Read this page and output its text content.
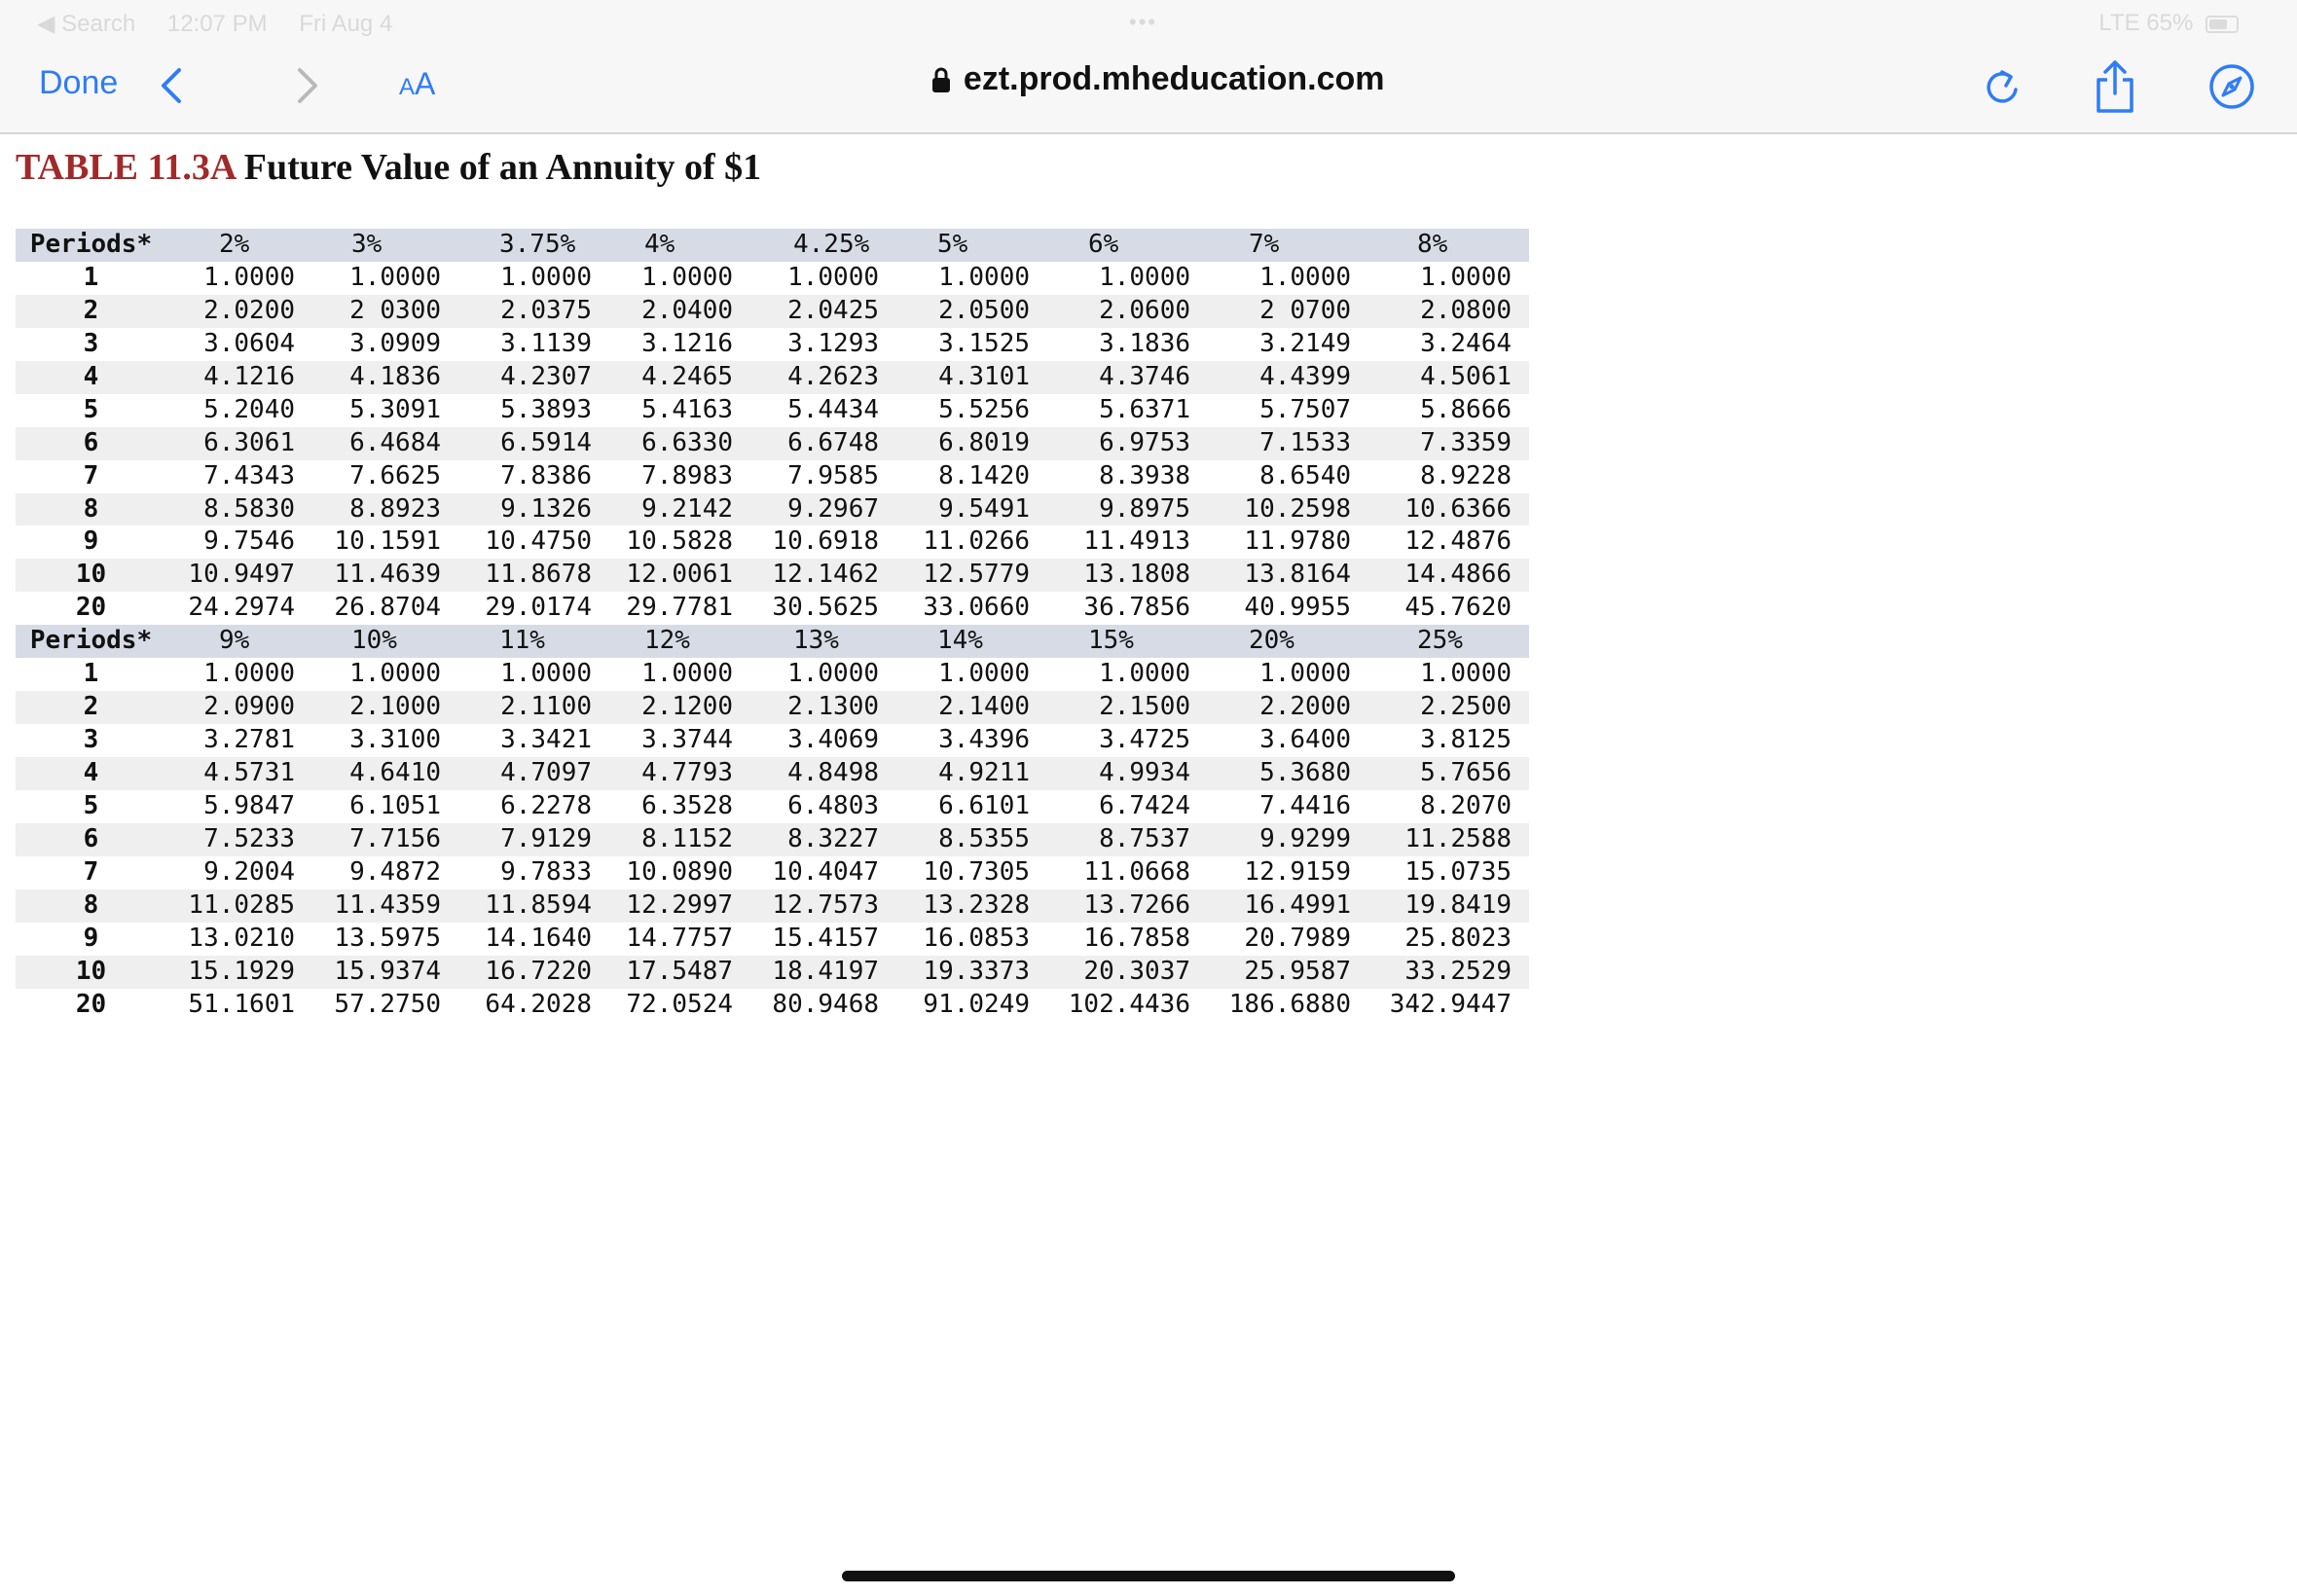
◀ Search 12:07 PM Fri Aug 4	•••	LTE 65%
Done	AA	ezt.prod.mheducation.com
TABLE 11.3A Future Value of an Annuity of $1
Periods*	2%	3%	3.75%	4%	4.25%	5%	6%	7%	8%
1	1.0000	1.0000	1.0000	1.0000	1.0000	1.0000	1.0000	1.0000	1.0000
2	2.0200	2 0300	2.0375	2.0400	2.0425	2.0500	2.0600	2 0700	2.0800
3	3.0604	3.0909	3.1139	3.1216	3.1293	3.1525	3.1836	3.2149	3.2464
4	4.1216	4.1836	4.2307	4.2465	4.2623	4.3101	4.3746	4.4399	4.5061
5	5.2040	5.3091	5.3893	5.4163	5.4434	5.5256	5.6371	5.7507	5.8666
6	6.3061	6.4684	6.5914	6.6330	6.6748	6.8019	6.9753	7.1533	7.3359
7	7.4343	7.6625	7.8386	7.8983	7.9585	8.1420	8.3938	8.6540	8.9228
8	8.5830	8.8923	9.1326	9.2142	9.2967	9.5491	9.8975	10.2598	10.6366
9	9.7546	10.1591	10.4750	10.5828	10.6918	11.0266	11.4913	11.9780	12.4876
10	10.9497	11.4639	11.8678	12.0061	12.1462	12.5779	13.1808	13.8164	14.4866
20	24.2974	26.8704	29.0174	29.7781	30.5625	33.0660	36.7856	40.9955	45.7620
Periods*	9%	10%	11%	12%	13%	14%	15%	20%	25%
1	1.0000	1.0000	1.0000	1.0000	1.0000	1.0000	1.0000	1.0000	1.0000
2	2.0900	2.1000	2.1100	2.1200	2.1300	2.1400	2.1500	2.2000	2.2500
3	3.2781	3.3100	3.3421	3.3744	3.4069	3.4396	3.4725	3.6400	3.8125
4	4.5731	4.6410	4.7097	4.7793	4.8498	4.9211	4.9934	5.3680	5.7656
5	5.9847	6.1051	6.2278	6.3528	6.4803	6.6101	6.7424	7.4416	8.2070
6	7.5233	7.7156	7.9129	8.1152	8.3227	8.5355	8.7537	9.9299	11.2588
7	9.2004	9.4872	9.7833	10.0890	10.4047	10.7305	11.0668	12.9159	15.0735
8	11.0285	11.4359	11.8594	12.2997	12.7573	13.2328	13.7266	16.4991	19.8419
9	13.0210	13.5975	14.1640	14.7757	15.4157	16.0853	16.7858	20.7989	25.8023
10	15.1929	15.9374	16.7220	17.5487	18.4197	19.3373	20.3037	25.9587	33.2529
20	51.1601	57.2750	64.2028	72.0524	80.9468	91.0249	102.4436	186.6880	342.9447
